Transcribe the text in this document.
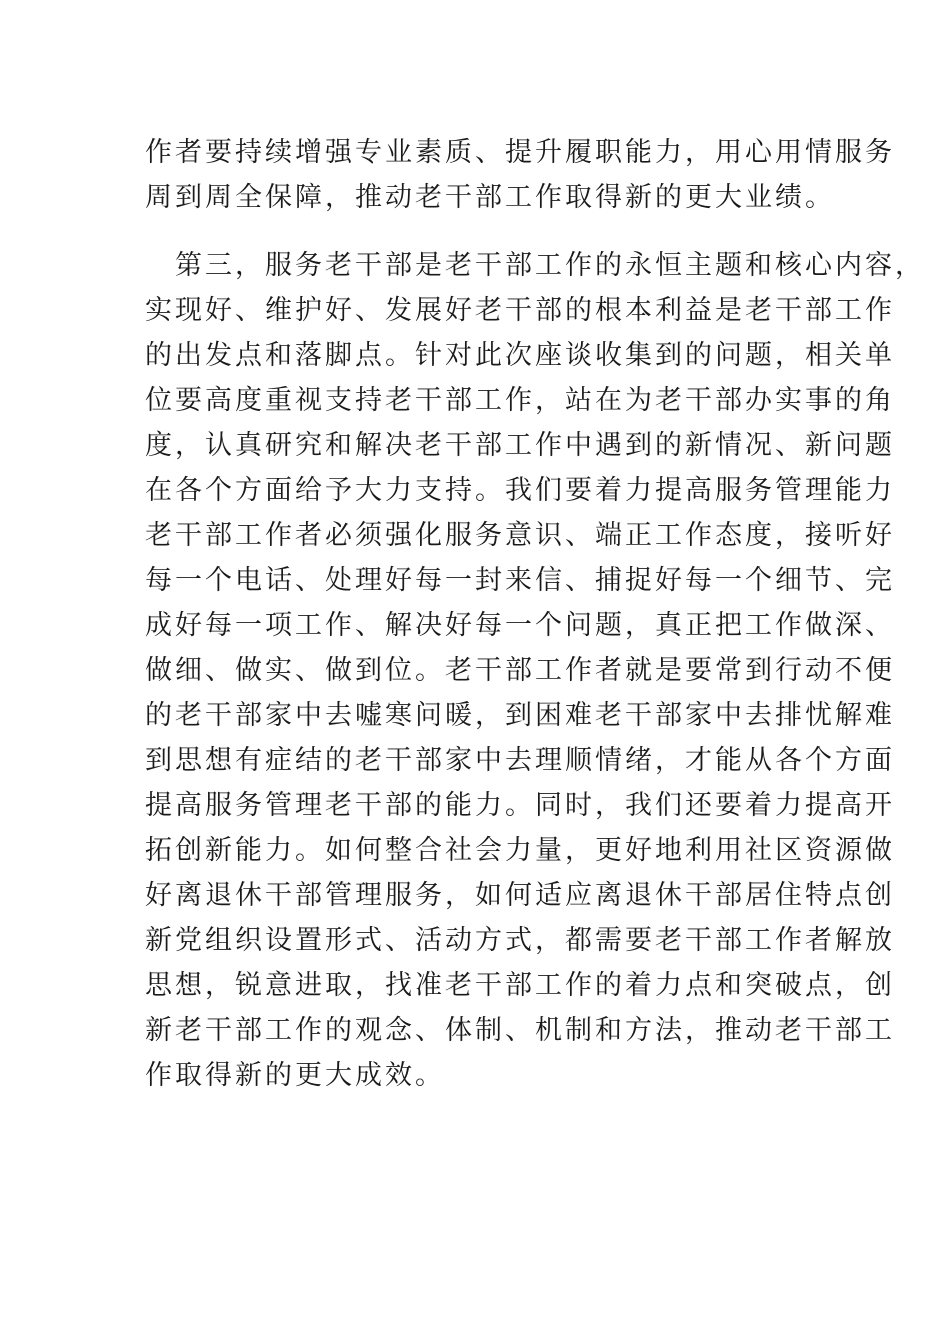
作者要持续增强专业素质、提升履职能力，用心用情服务
周到周全保障，推动老干部工作取得新的更大业绩。
　第三，服务老干部是老干部工作的永恒主题和核心内容，
实现好、维护好、发展好老干部的根本利益是老干部工作
的出发点和落脚点。针对此次座谈收集到的问题，相关单
位要高度重视支持老干部工作，站在为老干部办实事的角
度，认真研究和解决老干部工作中遇到的新情况、新问题
在各个方面给予大力支持。我们要着力提高服务管理能力
老干部工作者必须强化服务意识、端正工作态度，接听好
每一个电话、处理好每一封来信、捕捉好每一个细节、完
成好每一项工作、解决好每一个问题，真正把工作做深、
做细、做实、做到位。老干部工作者就是要常到行动不便
的老干部家中去嘘寒问暖，到困难老干部家中去排忧解难
到思想有症结的老干部家中去理顺情绪，才能从各个方面
提高服务管理老干部的能力。同时，我们还要着力提高开
拓创新能力。如何整合社会力量，更好地利用社区资源做
好离退休干部管理服务，如何适应离退休干部居住特点创
新党组织设置形式、活动方式，都需要老干部工作者解放
思想，锐意进取，找准老干部工作的着力点和突破点，创
新老干部工作的观念、体制、机制和方法，推动老干部工
作取得新的更大成效。
